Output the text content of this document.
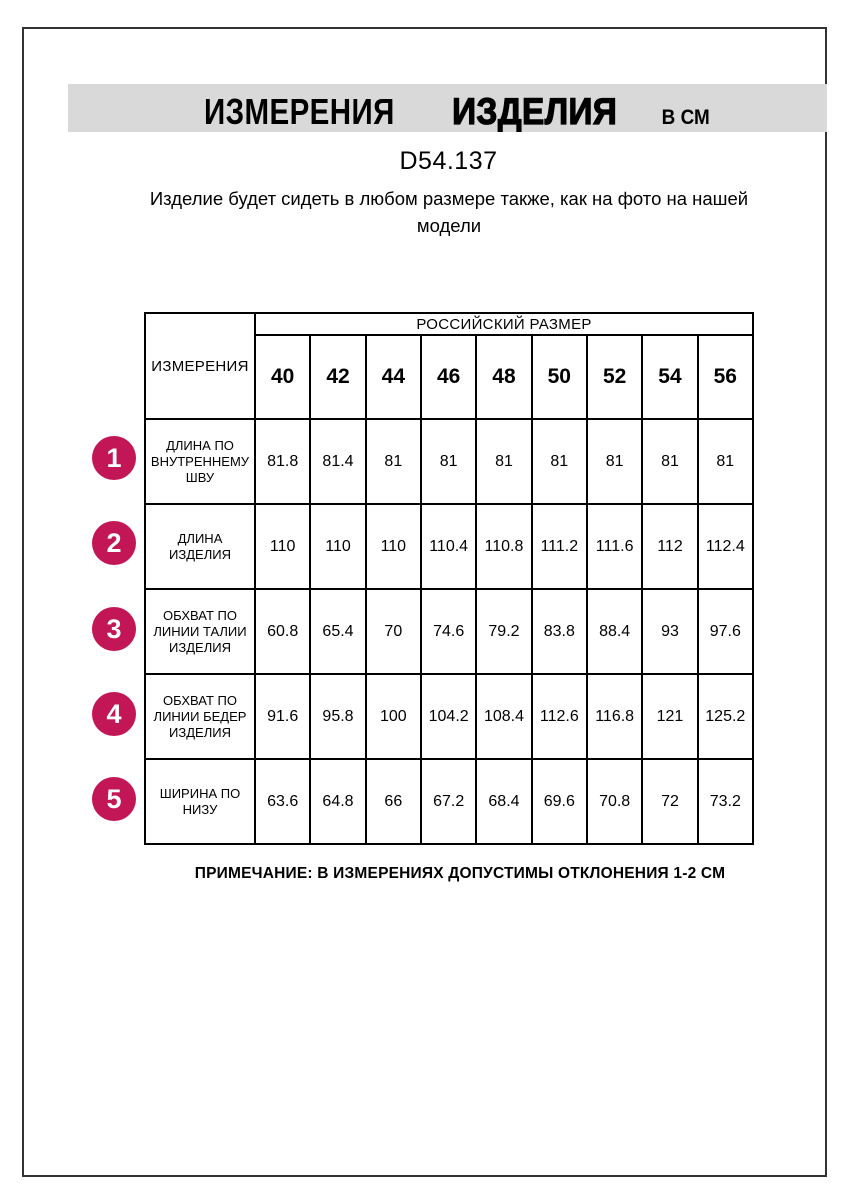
ИЗМЕРЕНИЯ ИЗДЕЛИЯ В СМ
D54.137
Изделие будет сидеть в любом размере также, как на фото на нашей модели
ИЗМЕРЕНИЯ	РОССИЙСКИЙ РАЗМЕР								
	40	42	44	46	48	50	52	54	56
ДЛИНА ПО ВНУТРЕННЕМУ ШВУ	81.8	81.4	81	81	81	81	81	81	81
ДЛИНА ИЗДЕЛИЯ	110	110	110	110.4	110.8	111.2	111.6	112	112.4
ОБХВАТ ПО ЛИНИИ ТАЛИИ ИЗДЕЛИЯ	60.8	65.4	70	74.6	79.2	83.8	88.4	93	97.6
ОБХВАТ ПО ЛИНИИ БЕДЕР ИЗДЕЛИЯ	91.6	95.8	100	104.2	108.4	112.6	116.8	121	125.2
ШИРИНА ПО НИЗУ	63.6	64.8	66	67.2	68.4	69.6	70.8	72	73.2
1
2
3
4
5
ПРИМЕЧАНИЕ: В ИЗМЕРЕНИЯХ ДОПУСТИМЫ ОТКЛОНЕНИЯ 1-2 СМ
